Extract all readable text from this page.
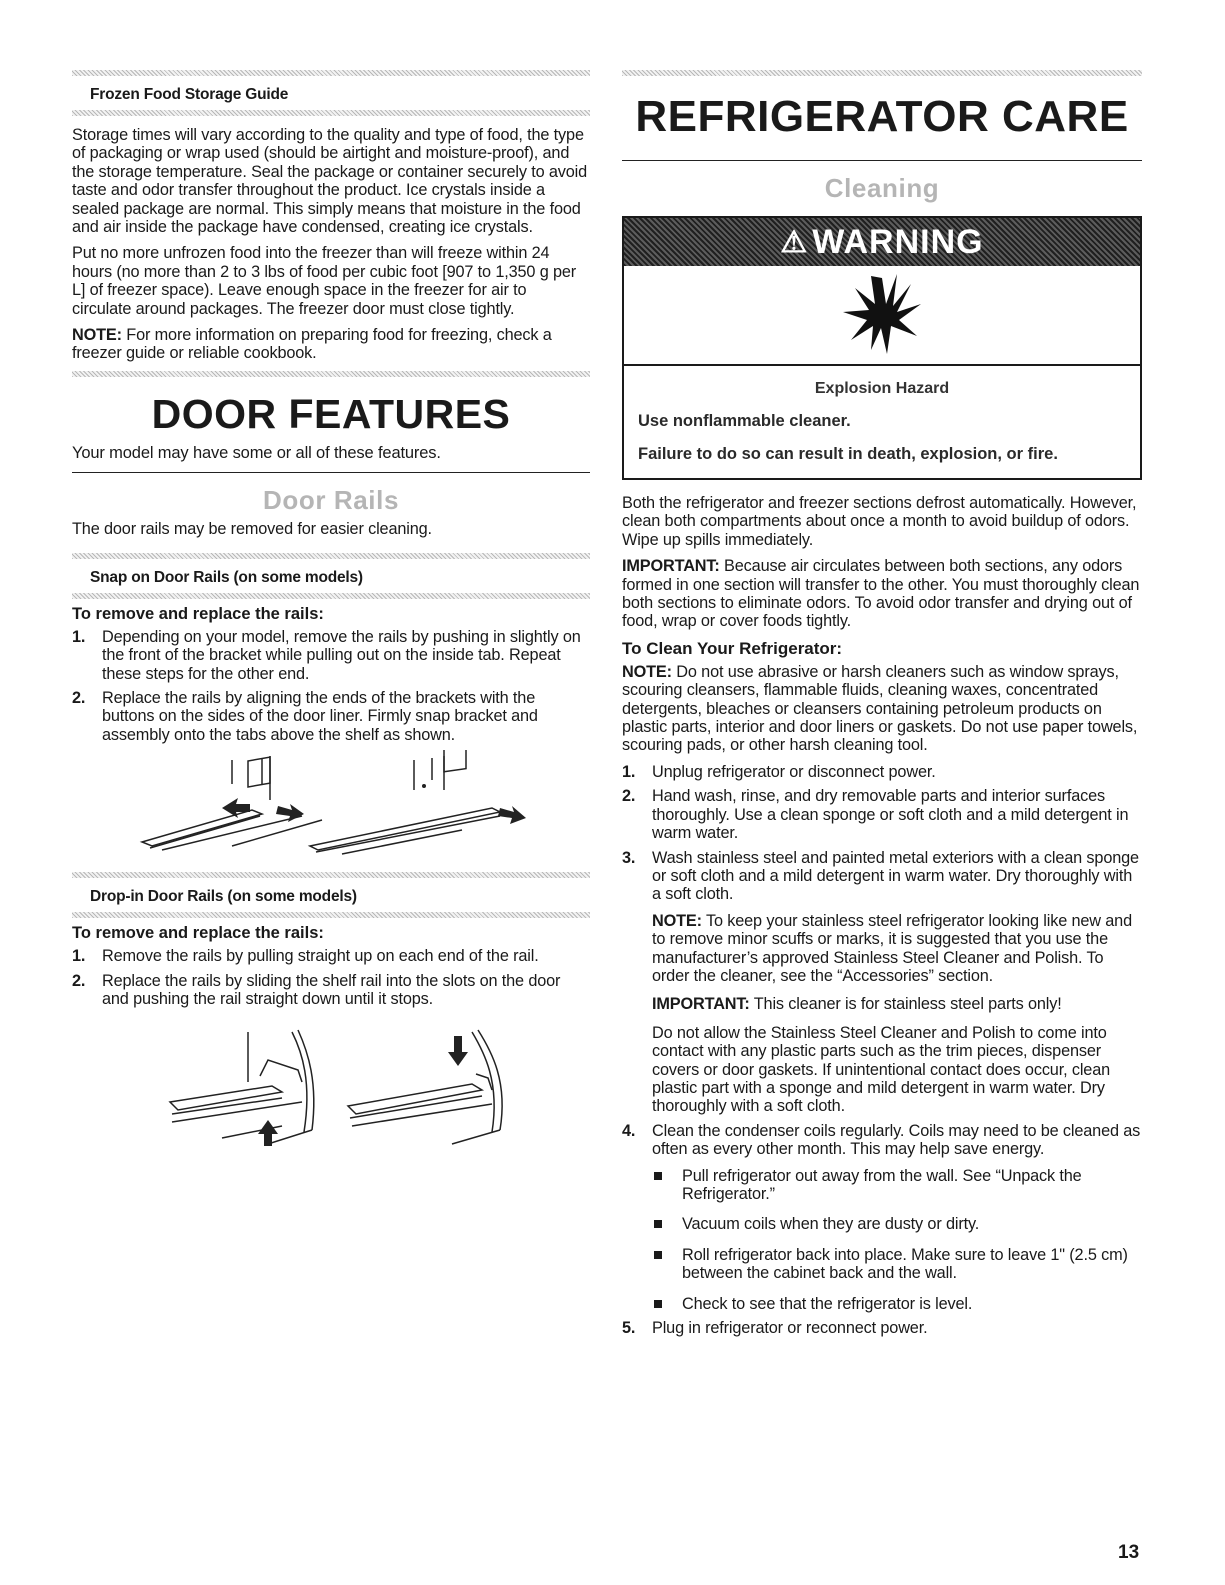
Frozen Food Storage Guide

Storage times will vary according to the quality and type of food, the type of packaging or wrap used (should be airtight and moisture-proof), and the storage temperature. Seal the package or container securely to avoid taste and odor transfer throughout the product. Ice crystals inside a sealed package are normal. This simply means that moisture in the food and air inside the package have condensed, creating ice crystals.

Put no more unfrozen food into the freezer than will freeze within 24 hours (no more than 2 to 3 lbs of food per cubic foot [907 to 1,350 g per L] of freezer space). Leave enough space in the freezer for air to circulate around packages. The freezer door must close tightly.

NOTE: For more information on preparing food for freezing, check a freezer guide or reliable cookbook.

DOOR FEATURES

Your model may have some or all of these features.

Door Rails

The door rails may be removed for easier cleaning.

Snap on Door Rails (on some models)
To remove and replace the rails:
1. Depending on your model, remove the rails by pushing in slightly on the front of the bracket while pulling out on the inside tab. Repeat these steps for the other end.
2. Replace the rails by aligning the ends of the brackets with the buttons on the sides of the door liner. Firmly snap bracket and assembly onto the tabs above the shelf as shown.
Drop-in Door Rails (on some models)
To remove and replace the rails:
1. Remove the rails by pulling straight up on each end of the rail.
2. Replace the rails by sliding the shelf rail into the slots on the door and pushing the rail straight down until it stops.
REFRIGERATOR CARE
Cleaning
⚠ WARNING
Explosion Hazard
Use nonflammable cleaner.
Failure to do so can result in death, explosion, or fire.

Both the refrigerator and freezer sections defrost automatically. However, clean both compartments about once a month to avoid buildup of odors. Wipe up spills immediately.

IMPORTANT: Because air circulates between both sections, any odors formed in one section will transfer to the other. You must thoroughly clean both sections to eliminate odors. To avoid odor transfer and drying out of food, wrap or cover foods tightly.

To Clean Your Refrigerator:

NOTE: Do not use abrasive or harsh cleaners such as window sprays, scouring cleansers, flammable fluids, cleaning waxes, concentrated detergents, bleaches or cleansers containing petroleum products on plastic parts, interior and door liners or gaskets. Do not use paper towels, scouring pads, or other harsh cleaning tool.

1. Unplug refrigerator or disconnect power.
2. Hand wash, rinse, and dry removable parts and interior surfaces thoroughly. Use a clean sponge or soft cloth and a mild detergent in warm water.
3. Wash stainless steel and painted metal exteriors with a clean sponge or soft cloth and a mild detergent in warm water. Dry thoroughly with a soft cloth.
NOTE: To keep your stainless steel refrigerator looking like new and to remove minor scuffs or marks, it is suggested that you use the manufacturer’s approved Stainless Steel Cleaner and Polish. To order the cleaner, see the “Accessories” section.
IMPORTANT: This cleaner is for stainless steel parts only!
Do not allow the Stainless Steel Cleaner and Polish to come into contact with any plastic parts such as the trim pieces, dispenser covers or door gaskets. If unintentional contact does occur, clean plastic part with a sponge and mild detergent in warm water. Dry thoroughly with a soft cloth.
4. Clean the condenser coils regularly. Coils may need to be cleaned as often as every other month. This may help save energy.
Pull refrigerator out away from the wall. See “Unpack the Refrigerator.”
Vacuum coils when they are dusty or dirty.
Roll refrigerator back into place. Make sure to leave 1" (2.5 cm) between the cabinet back and the wall.
Check to see that the refrigerator is level.
5. Plug in refrigerator or reconnect power.
13
